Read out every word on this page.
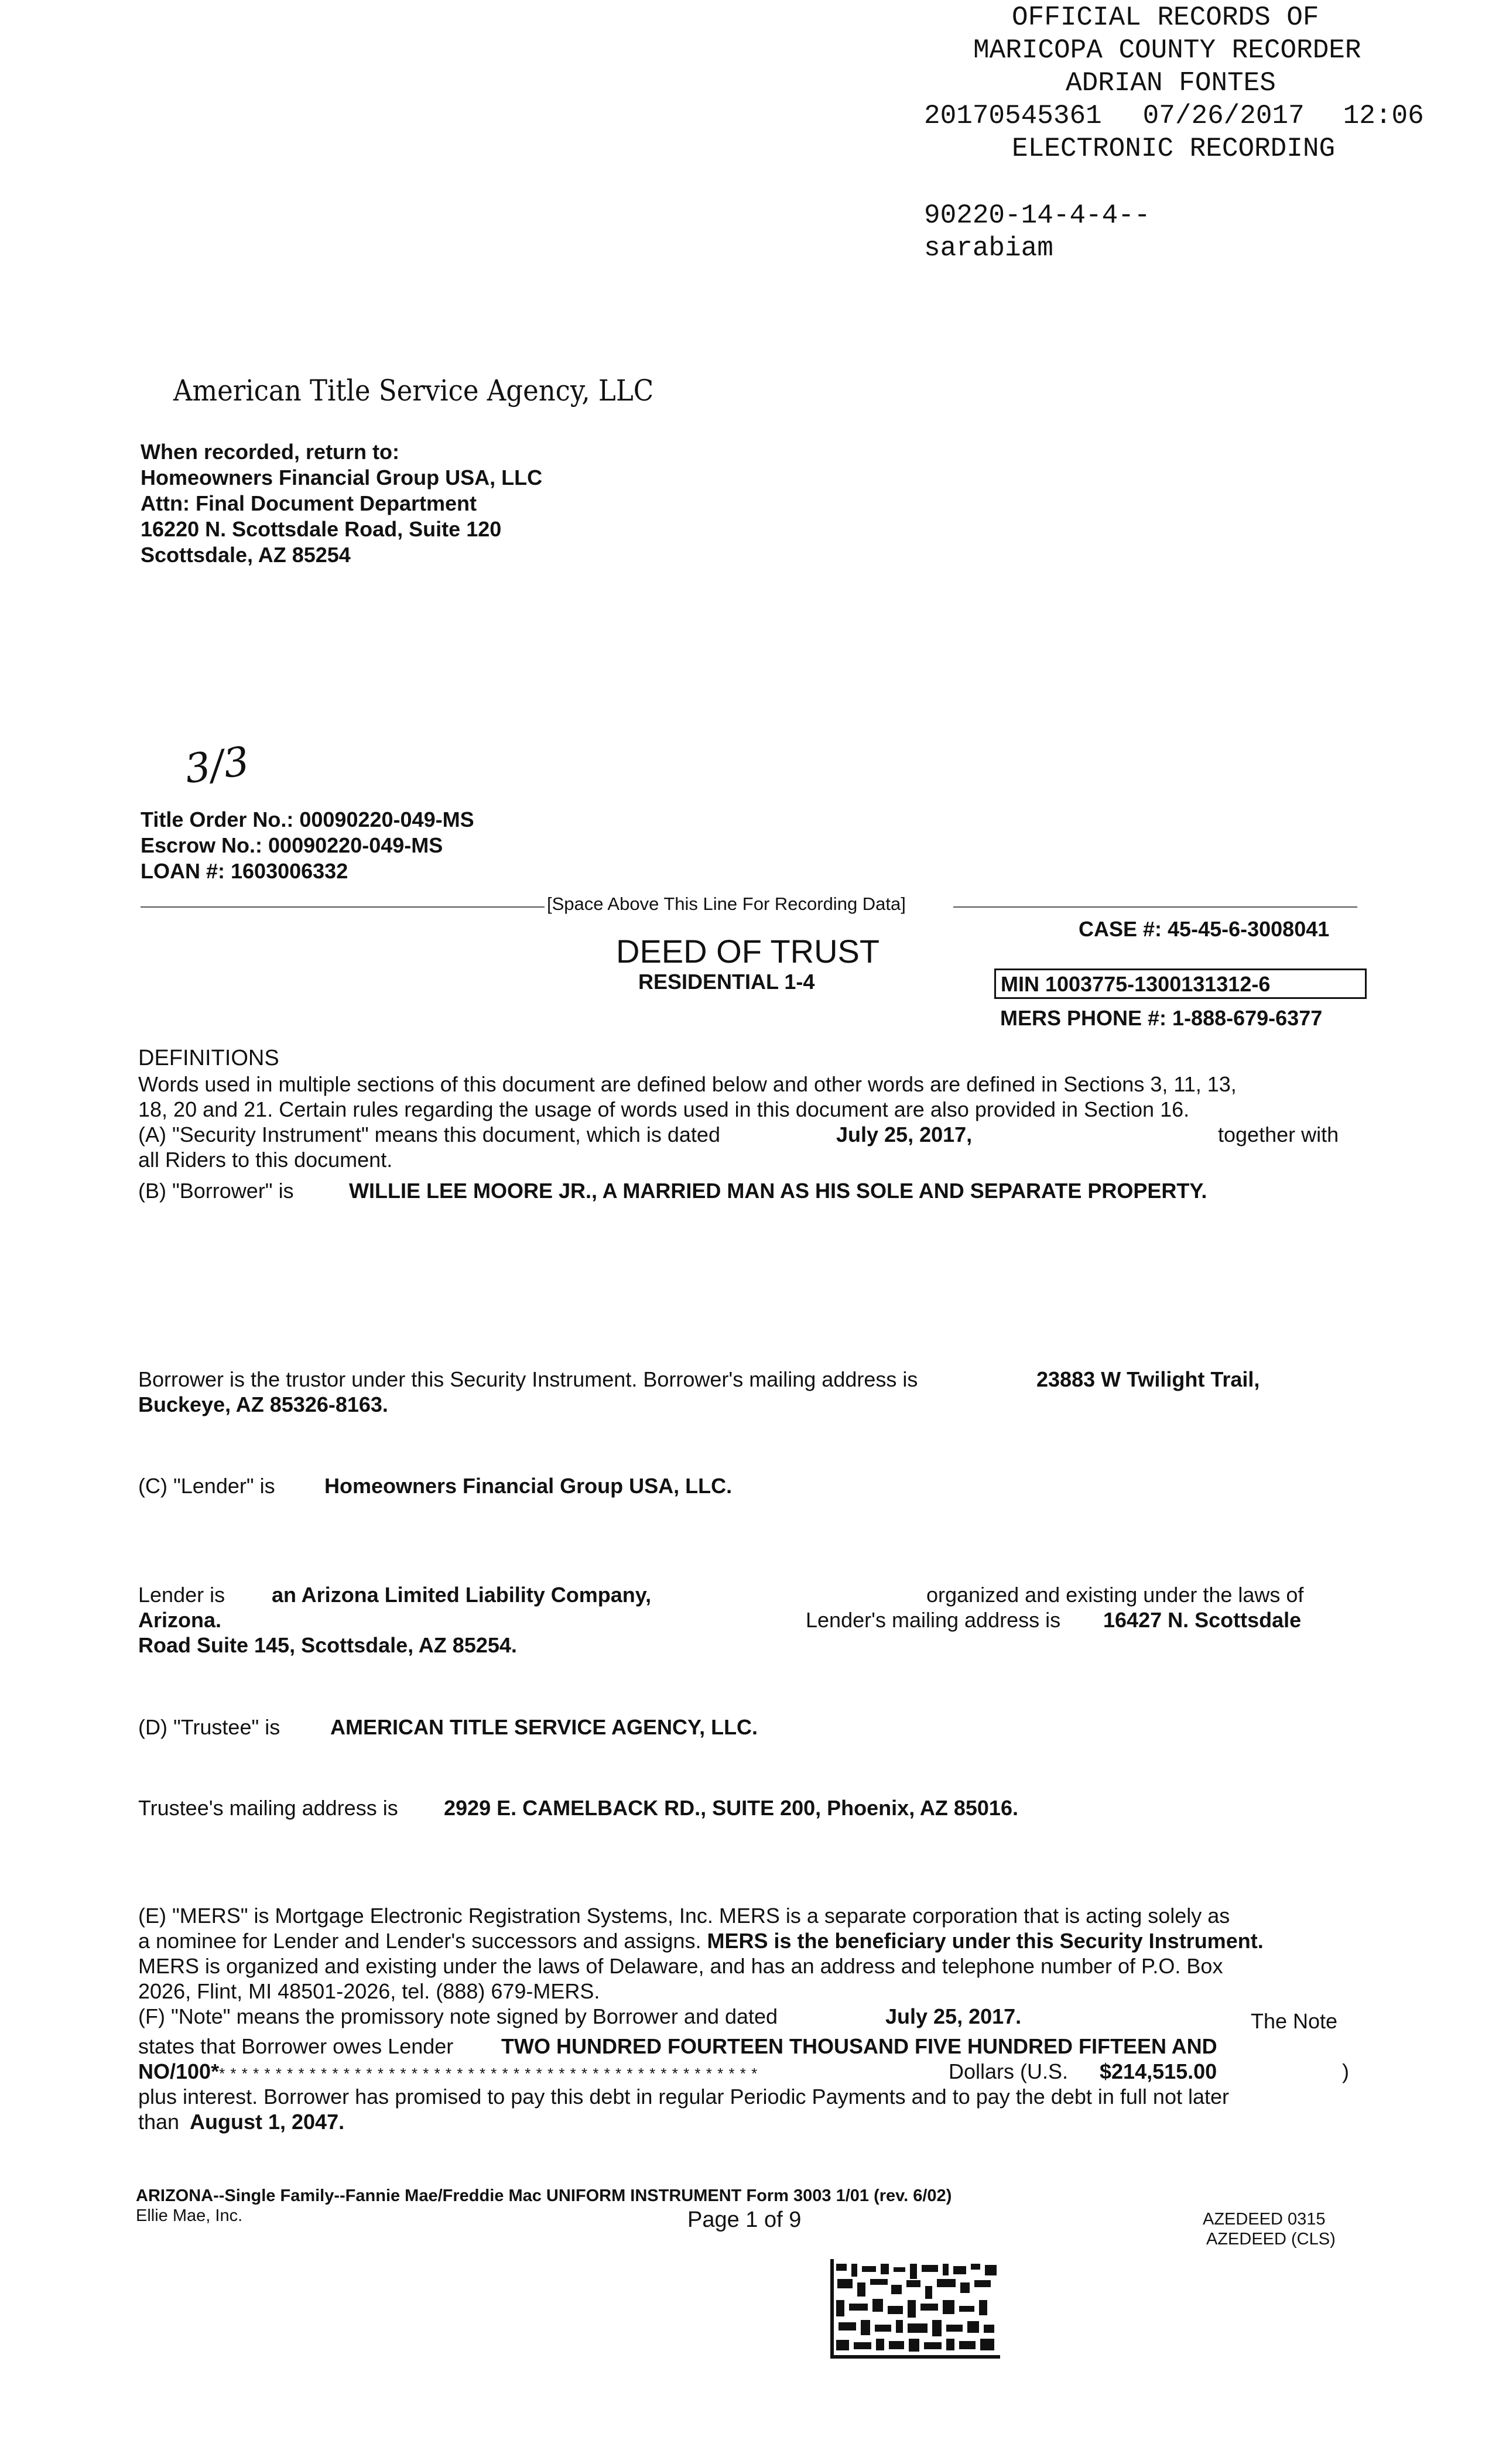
OFFICIAL RECORDS OF
MARICOPA COUNTY RECORDER
ADRIAN FONTES
20170545361 07/26/2017 12:06
ELECTRONIC RECORDING
90220-14-4-4--
sarabiam
American Title Service Agency, LLC
When recorded, return to:
Homeowners Financial Group USA, LLC
Attn: Final Document Department
16220 N. Scottsdale Road, Suite 120
Scottsdale, AZ 85254
3/3
Title Order No.: 00090220-049-MS
Escrow No.: 00090220-049-MS
LOAN #: 1603006332
[Space Above This Line For Recording Data]
DEED OF TRUST
RESIDENTIAL 1-4
CASE #: 45-45-6-3008041
MIN 1003775-1300131312-6
MERS PHONE #: 1-888-679-6377
DEFINITIONS
Words used in multiple sections of this document are defined below and other words are defined in Sections 3, 11, 13,
18, 20 and 21. Certain rules regarding the usage of words used in this document are also provided in Section 16.
(A) "Security Instrument" means this document, which is dated	July 25, 2017,	together with
all Riders to this document.
(B) "Borrower" is	WILLIE LEE MOORE JR., A MARRIED MAN AS HIS SOLE AND SEPARATE PROPERTY.
Borrower is the trustor under this Security Instrument. Borrower's mailing address is	23883 W Twilight Trail,
Buckeye, AZ 85326-8163.
(C) "Lender" is Homeowners Financial Group USA, LLC.
Lender is an Arizona Limited Liability Company,	organized and existing under the laws of
Arizona.	Lender's mailing address is 16427 N. Scottsdale
Road Suite 145, Scottsdale, AZ 85254.
(D) "Trustee" is AMERICAN TITLE SERVICE AGENCY, LLC.
Trustee's mailing address is 2929 E. CAMELBACK RD., SUITE 200, Phoenix, AZ 85016.
(E) "MERS" is Mortgage Electronic Registration Systems, Inc. MERS is a separate corporation that is acting solely as
a nominee for Lender and Lender's successors and assigns. MERS is the beneficiary under this Security Instrument.
MERS is organized and existing under the laws of Delaware, and has an address and telephone number of P.O. Box
2026, Flint, MI 48501-2026, tel. (888) 679-MERS.
(F) "Note" means the promissory note signed by Borrower and dated	July 25, 2017.	The Note
states that Borrower owes Lender TWO HUNDRED FOURTEEN THOUSAND FIVE HUNDRED FIFTEEN AND
NO/100** * * * * * * * * * * * * * * * * * * * * * * * * * * * * * * * * * * * * * * * * * * * * * * *	Dollars (U.S. $214,515.00	)
plus interest. Borrower has promised to pay this debt in regular Periodic Payments and to pay the debt in full not later
than August 1, 2047.
ARIZONA--Single Family--Fannie Mae/Freddie Mac UNIFORM INSTRUMENT Form 3003 1/01 (rev. 6/02)
Ellie Mae, Inc.	Page 1 of 9	AZEDEED 0315
AZEDEED (CLS)
